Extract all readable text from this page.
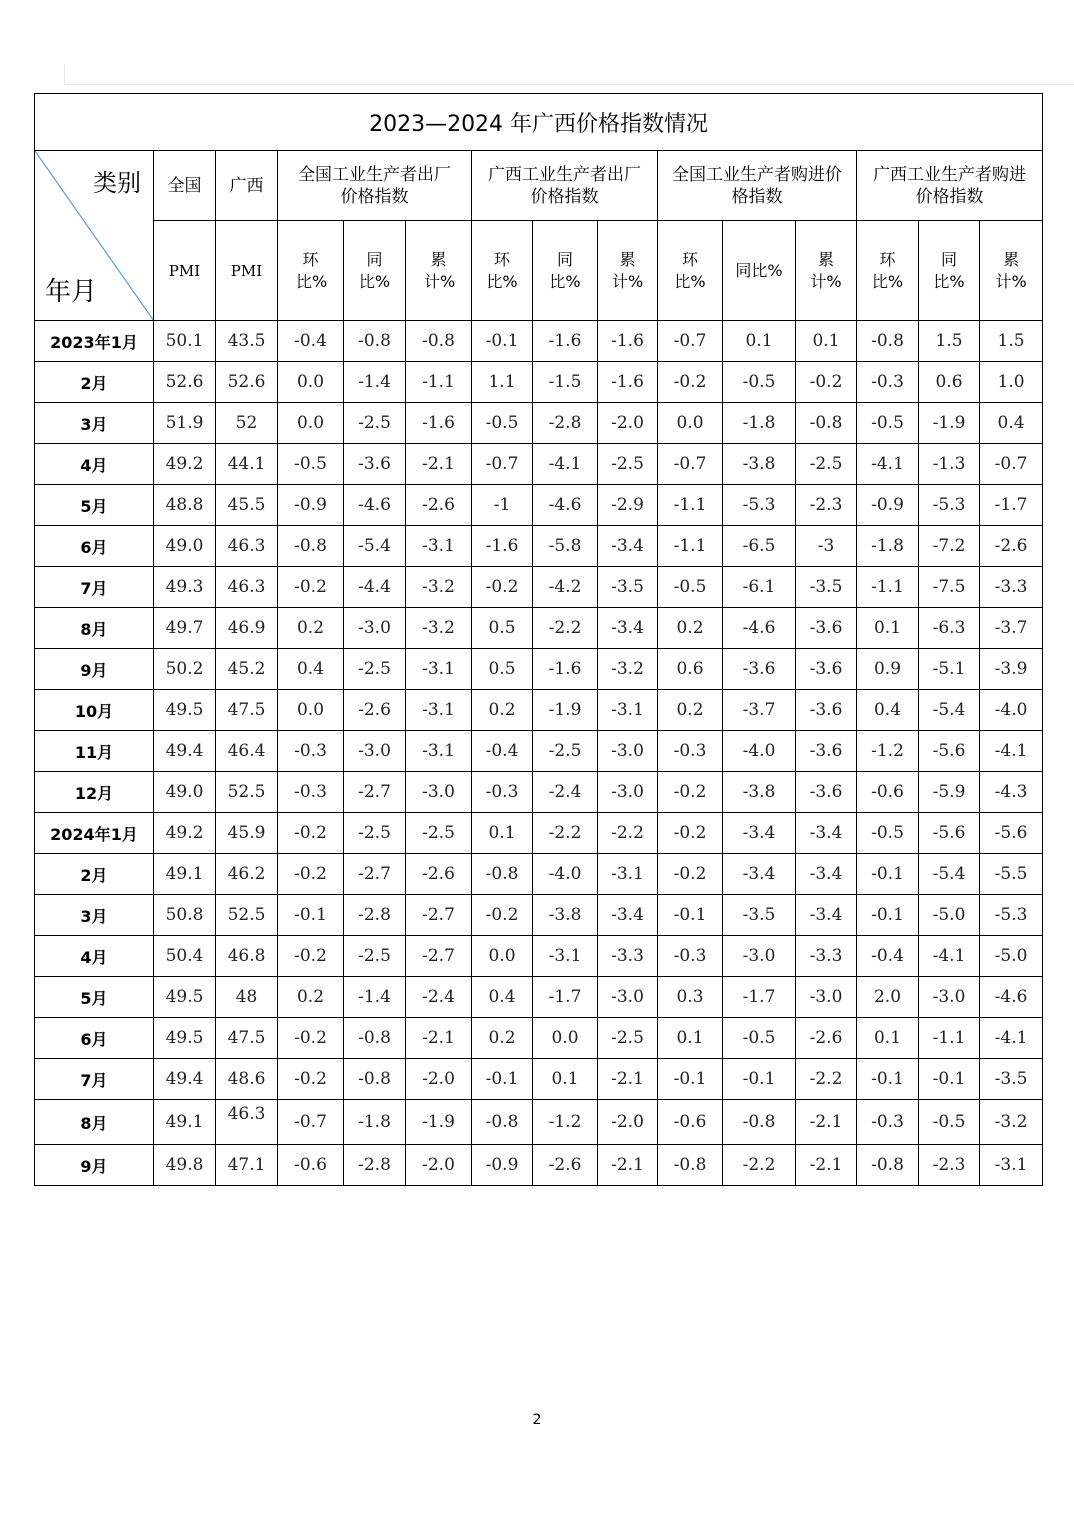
2023—2024 年广西价格指数情况														

类别
年月	全国	广西	全国工业生产者出厂价格指数			广西工业生产者出厂价格指数			全国工业生产者购进价格指数			广西工业生产者购进价格指数		
	PMI	PMI	环比%	同比%	累计%	环比%	同比%	累计%	环比%	同比%	累计%	环比%	同比%	累计%
2023年1月	50.1	43.5	-0.4	-0.8	-0.8	-0.1	-1.6	-1.6	-0.7	0.1	0.1	-0.8	1.5	1.5
2月	52.6	52.6	0.0	-1.4	-1.1	1.1	-1.5	-1.6	-0.2	-0.5	-0.2	-0.3	0.6	1.0
3月	51.9	52	0.0	-2.5	-1.6	-0.5	-2.8	-2.0	0.0	-1.8	-0.8	-0.5	-1.9	0.4
4月	49.2	44.1	-0.5	-3.6	-2.1	-0.7	-4.1	-2.5	-0.7	-3.8	-2.5	-4.1	-1.3	-0.7
5月	48.8	45.5	-0.9	-4.6	-2.6	-1	-4.6	-2.9	-1.1	-5.3	-2.3	-0.9	-5.3	-1.7
6月	49.0	46.3	-0.8	-5.4	-3.1	-1.6	-5.8	-3.4	-1.1	-6.5	-3	-1.8	-7.2	-2.6
7月	49.3	46.3	-0.2	-4.4	-3.2	-0.2	-4.2	-3.5	-0.5	-6.1	-3.5	-1.1	-7.5	-3.3
8月	49.7	46.9	0.2	-3.0	-3.2	0.5	-2.2	-3.4	0.2	-4.6	-3.6	0.1	-6.3	-3.7
9月	50.2	45.2	0.4	-2.5	-3.1	0.5	-1.6	-3.2	0.6	-3.6	-3.6	0.9	-5.1	-3.9
10月	49.5	47.5	0.0	-2.6	-3.1	0.2	-1.9	-3.1	0.2	-3.7	-3.6	0.4	-5.4	-4.0
11月	49.4	46.4	-0.3	-3.0	-3.1	-0.4	-2.5	-3.0	-0.3	-4.0	-3.6	-1.2	-5.6	-4.1
12月	49.0	52.5	-0.3	-2.7	-3.0	-0.3	-2.4	-3.0	-0.2	-3.8	-3.6	-0.6	-5.9	-4.3
2024年1月	49.2	45.9	-0.2	-2.5	-2.5	0.1	-2.2	-2.2	-0.2	-3.4	-3.4	-0.5	-5.6	-5.6
2月	49.1	46.2	-0.2	-2.7	-2.6	-0.8	-4.0	-3.1	-0.2	-3.4	-3.4	-0.1	-5.4	-5.5
3月	50.8	52.5	-0.1	-2.8	-2.7	-0.2	-3.8	-3.4	-0.1	-3.5	-3.4	-0.1	-5.0	-5.3
4月	50.4	46.8	-0.2	-2.5	-2.7	0.0	-3.1	-3.3	-0.3	-3.0	-3.3	-0.4	-4.1	-5.0
5月	49.5	48	0.2	-1.4	-2.4	0.4	-1.7	-3.0	0.3	-1.7	-3.0	2.0	-3.0	-4.6
6月	49.5	47.5	-0.2	-0.8	-2.1	0.2	0.0	-2.5	0.1	-0.5	-2.6	0.1	-1.1	-4.1
7月	49.4	48.6	-0.2	-0.8	-2.0	-0.1	0.1	-2.1	-0.1	-0.1	-2.2	-0.1	-0.1	-3.5
8月	49.1	46.3	-0.7	-1.8	-1.9	-0.8	-1.2	-2.0	-0.6	-0.8	-2.1	-0.3	-0.5	-3.2
9月	49.8	47.1	-0.6	-2.8	-2.0	-0.9	-2.6	-2.1	-0.8	-2.2	-2.1	-0.8	-2.3	-3.1
2
